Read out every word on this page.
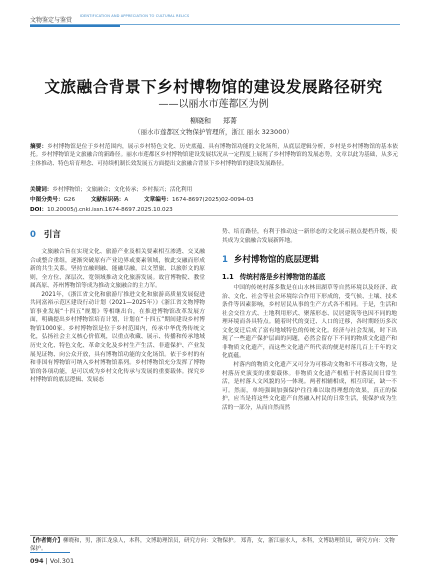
文物鉴定与鉴赏
IDENTIFICATION AND APPRECIATION TO CULTURAL RELICS
文旅融合背景下乡村博物馆的建设发展路径研究
——以丽水市莲都区为例
柳晓和 郑菁
（丽水市莲都区文物保护管理所，浙江 丽水 323000）
摘要：乡村博物馆是位于乡村范围内，展示乡村特色文化、历史底蕴、具有博物馆功能的文化场所，从底层逻辑分析，乡村是乡村博物馆的基本依托。乡村博物馆是文旅融合的新路径。丽水市莲都区乡村博物馆建设发展状况从一定程度上展现了乡村博物馆的发展态势，文章以此为基础，从多元主体推动、特色培育理念、可持续机制长效发展五方面提出文旅融合背景下乡村博物馆的建设发展路径。
关键词：乡村博物馆；文旅融合；文化传承；乡村振兴；活化利用
中图分类号：G26	文献标识码：A	文章编号：1674-8697(2025)02-0094-03
DOI：10.20005/j.cnki.issn.1674-8697.2025.10.023
0 引言

文旅融合旨在实现文化、旅游产业及相关要素相互渗透、交叉融合或整合重组，逐渐突破原有产业边界或要素领域，彼此交融而形成新的共生关系。坚持宜融则融、能融尽融，以文塑旅、以旅彰文的原则，全方位、深层次、宽领域推动文化旅游发展。故宫博物院、教堂属高原、苏州博物馆等成为推动文旅融合的主力军。

2021年，《浙江省文化和旅游厅推进文化和旅游高质量发展促进共同富裕示范区建设行动计划（2021—2025年）》《浙江省文物博物馆事业发展“十四五”规划》等相继出台，在推进博物馆改革发展方面，明确提出乡村博物馆培育计划，计划在“十四五”期间建设乡村博物馆1000家。乡村博物馆是位于乡村范围内，传承中华优秀传统文化，弘扬社会主义核心价值观，以重点收藏、展示、传播和传承地域历史文化、特色文化、革命文化及乡村生产生活、非遗保护、产业发展见证物、向公众开放，具有博物馆功能的文化场馆。依于乡村的有和非国有博物馆可纳入乡村博物馆系列。乡村博物馆充分发挥了博物馆的各项功能，是可以成为乡村文化传承与发展的重要载体。探究乡村博物馆的底层逻辑、发展态

势、培育路径，有利于推动这一新形态的文化展示据点提档升级，使其成为文旅融合发展新阵地。

1 乡村博物馆的底层逻辑
1.1 传统村落是乡村博物馆的基底

中国的传统村落多数是在山水林田湖草等自然环境以及经济、政治、文化、社会等社会环境综合作用下形成的，受气候、土壤、技术条件等因素影响，乡村居民从事的生产方式各不相同。于是，生活和社会交往方式、土地利用形式、聚落形态、民居建筑等也因不同的地理环境而各具特点。随着时代的变迁、人口的迁移，各时期经历多次文化变迁后成了富有地域特色的传统文化。经济与社会发展，时下出现了一些遗产保护层面的问题，必然会留存下不同的物质文化遗产和非物质文化遗产，而这些文化遗产所代表的便是村落几百上千年的文化底蕴。

村落内的物质文化遗产又可分为可移动文物和不可移动文物，是村落历史演变的重要载体。非物质文化遗产根植于村落民间日常生活，是村落人文风貌的另一体现。两者相辅相成，相互印证，缺一不可。然而，单纯强调加强保护往往难以取得理想的效果，真正的保护，应当是将这些文化遗产自然融入村民的日常生活，使保护成为生活的一部分，从而自然而然

【作者简介】柳晓和，男，浙江龙泉人，本科，文博助理馆员，研究方向：文物保护。 郑菁，女，浙江丽水人，本科，文博助理馆员，研究方向：文物保护。
094 | Vol.301
